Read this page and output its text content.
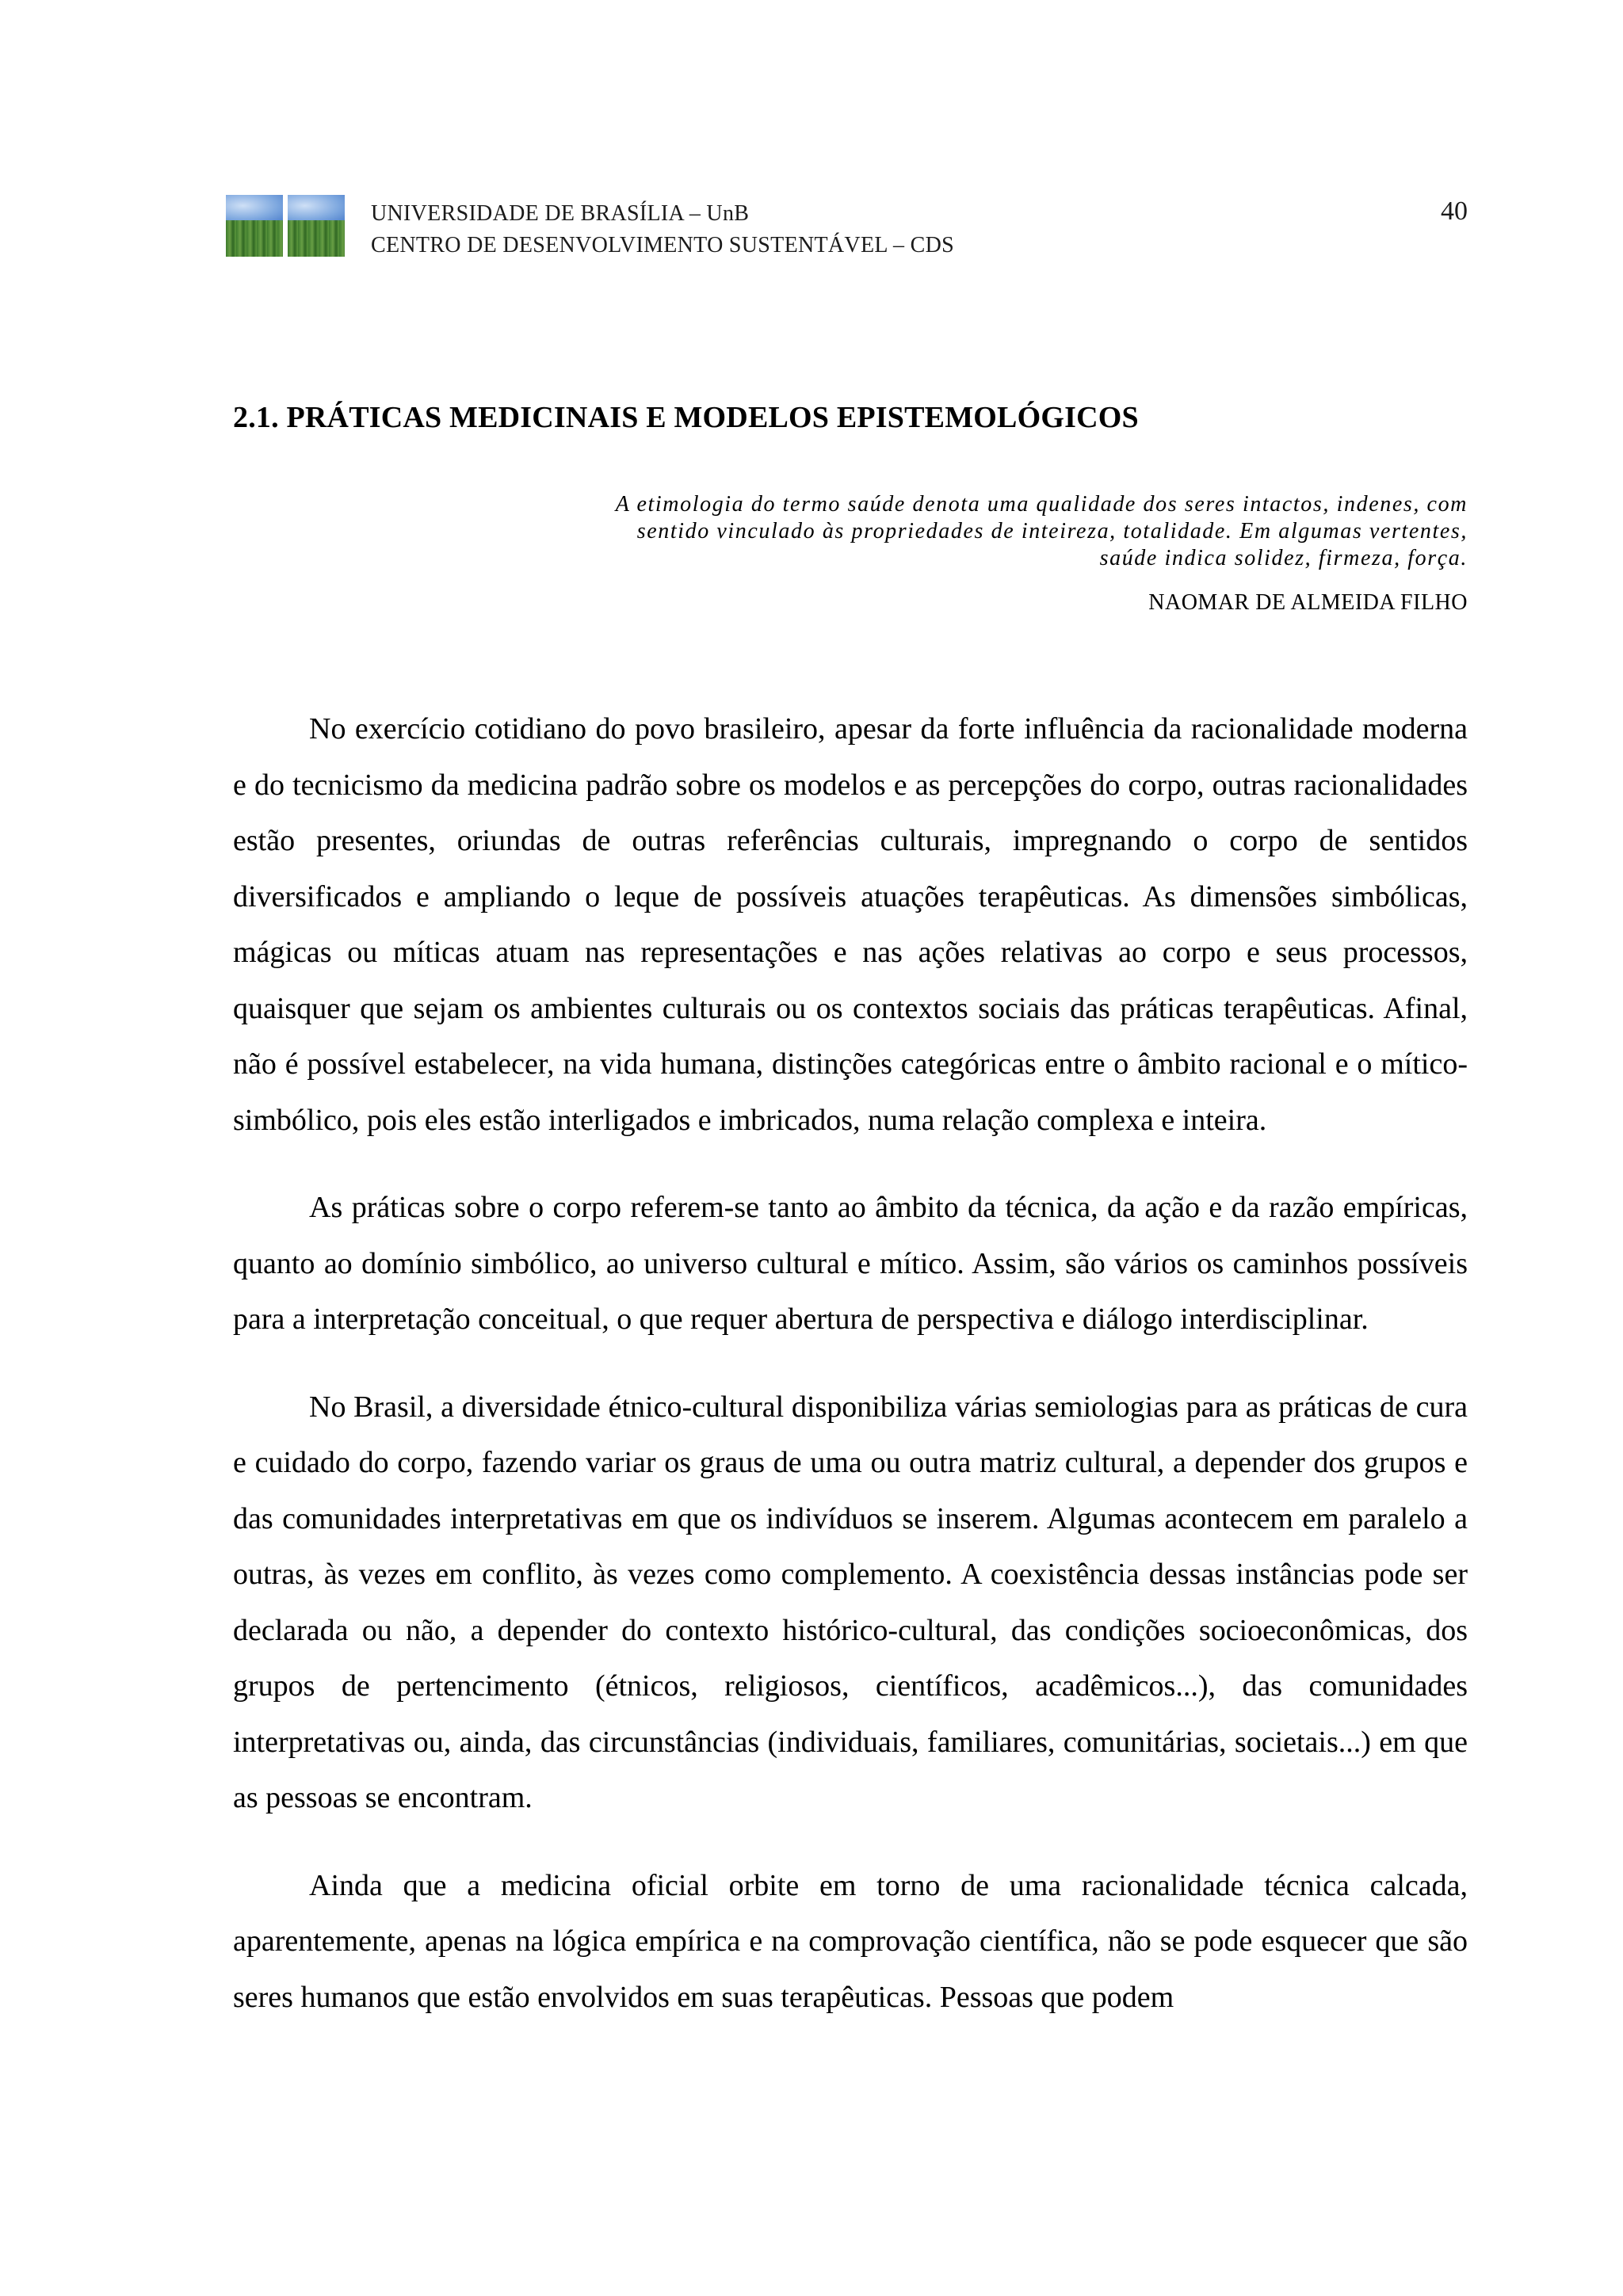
UNIVERSIDADE DE BRASÍLIA – UnB
CENTRO DE DESENVOLVIMENTO SUSTENTÁVEL – CDS
40
2.1. PRÁTICAS MEDICINAIS E MODELOS EPISTEMOLÓGICOS
A etimologia do termo saúde denota uma qualidade dos seres intactos, indenes, com
sentido vinculado às propriedades de inteireza, totalidade. Em algumas vertentes,
saúde indica solidez, firmeza, força.
NAOMAR DE ALMEIDA FILHO

No exercício cotidiano do povo brasileiro, apesar da forte influência da racionalidade moderna e do tecnicismo da medicina padrão sobre os modelos e as percepções do corpo, outras racionalidades estão presentes, oriundas de outras referências culturais, impregnando o corpo de sentidos diversificados e ampliando o leque de possíveis atuações terapêuticas. As dimensões simbólicas, mágicas ou míticas atuam nas representações e nas ações relativas ao corpo e seus processos, quaisquer que sejam os ambientes culturais ou os contextos sociais das práticas terapêuticas. Afinal, não é possível estabelecer, na vida humana, distinções categóricas entre o âmbito racional e o mítico-simbólico, pois eles estão interligados e imbricados, numa relação complexa e inteira.

As práticas sobre o corpo referem-se tanto ao âmbito da técnica, da ação e da razão empíricas, quanto ao domínio simbólico, ao universo cultural e mítico. Assim, são vários os caminhos possíveis para a interpretação conceitual, o que requer abertura de perspectiva e diálogo interdisciplinar.

No Brasil, a diversidade étnico-cultural disponibiliza várias semiologias para as práticas de cura e cuidado do corpo, fazendo variar os graus de uma ou outra matriz cultural, a depender dos grupos e das comunidades interpretativas em que os indivíduos se inserem. Algumas acontecem em paralelo a outras, às vezes em conflito, às vezes como complemento. A coexistência dessas instâncias pode ser declarada ou não, a depender do contexto histórico-cultural, das condições socioeconômicas, dos grupos de pertencimento (étnicos, religiosos, científicos, acadêmicos...), das comunidades interpretativas ou, ainda, das circunstâncias (individuais, familiares, comunitárias, societais...) em que as pessoas se encontram.

Ainda que a medicina oficial orbite em torno de uma racionalidade técnica calcada, aparentemente, apenas na lógica empírica e na comprovação científica, não se pode esquecer que são seres humanos que estão envolvidos em suas terapêuticas. Pessoas que podem
